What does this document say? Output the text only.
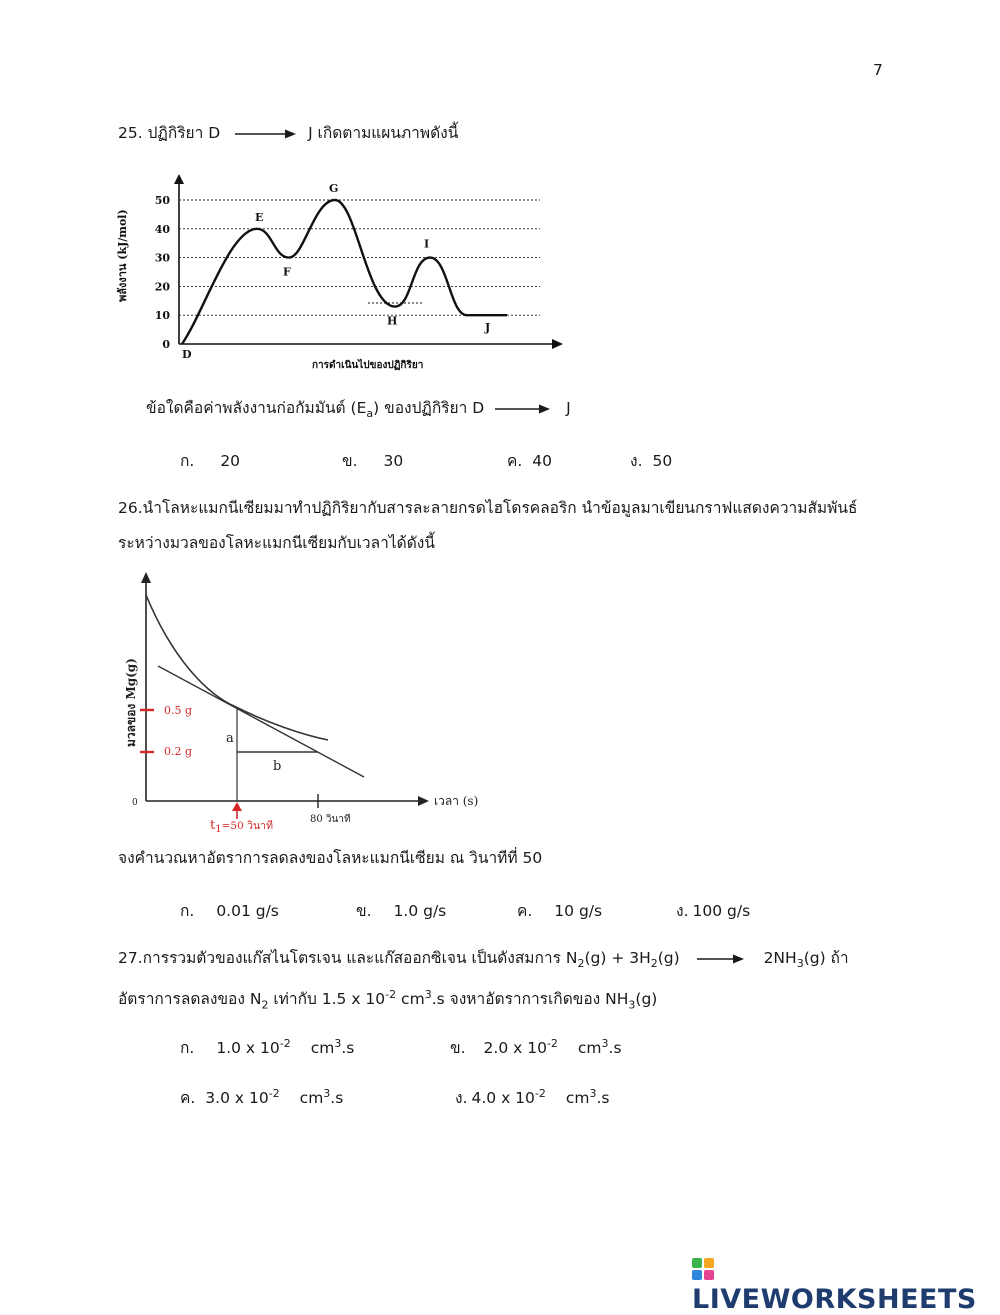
7
25. ปฏิกิริยา D → J เกิดตามแผนภาพดังนี้
0
10
20
30
40
50
D
E
F
G
H
I
J
พลังงาน (kJ/mol)
การดำเนินไปของปฏิกิริยา
ข้อใดคือค่าพลังงานก่อกัมมันต์ $(E_a)$ ของปฏิกิริยา D → J
ก. 20	ข. 30	ค. 40	ง. 50
26.นำโลหะแมกนีเซียมมาทำปฏิกิริยากับสารละลายกรดไฮโดรคลอริก นำข้อมูลมาเขียนกราฟแสดงความสัมพันธ์
ระหว่างมวลของโลหะแมกนีเซียมกับเวลาได้ดังนี้
a
b
0.5 g
0.2 g
มวลของ Mg(g)
0	เวลา (s)
80 วินาที
$t_1^{=50 วินาที}$
จงคำนวณหาอัตราการลดลงของโลหะแมกนีเซียม ณ วินาทีที่ 50
ก. 0.01 g/s	ข. 1.0 g/s	ค. 10 g/s	ง. 100 g/s
27.การรวมตัวของแก๊สไนโตรเจน และแก๊สออกซิเจน เป็นดังสมการ $N_2(g) + 3H_2(g) \to 2NH_3(g)$ ถ้า
อัตราการลดลงของ $N_2$ เท่ากับ 1.5 x $10^{-2}$ $cm^3.s$ จงหาอัตราการเกิดของ $NH_3(g)$
ก. 1.0 x $10^{-2}$ $cm^3.s$	ข. 2.0 x $10^{-2}$ $cm^3.s$
ค. 3.0 x $10^{-2}$ $cm^3.s$	ง. 4.0 x $10^{-2}$ $cm^3.s$
LIVEWORKSHEETS
